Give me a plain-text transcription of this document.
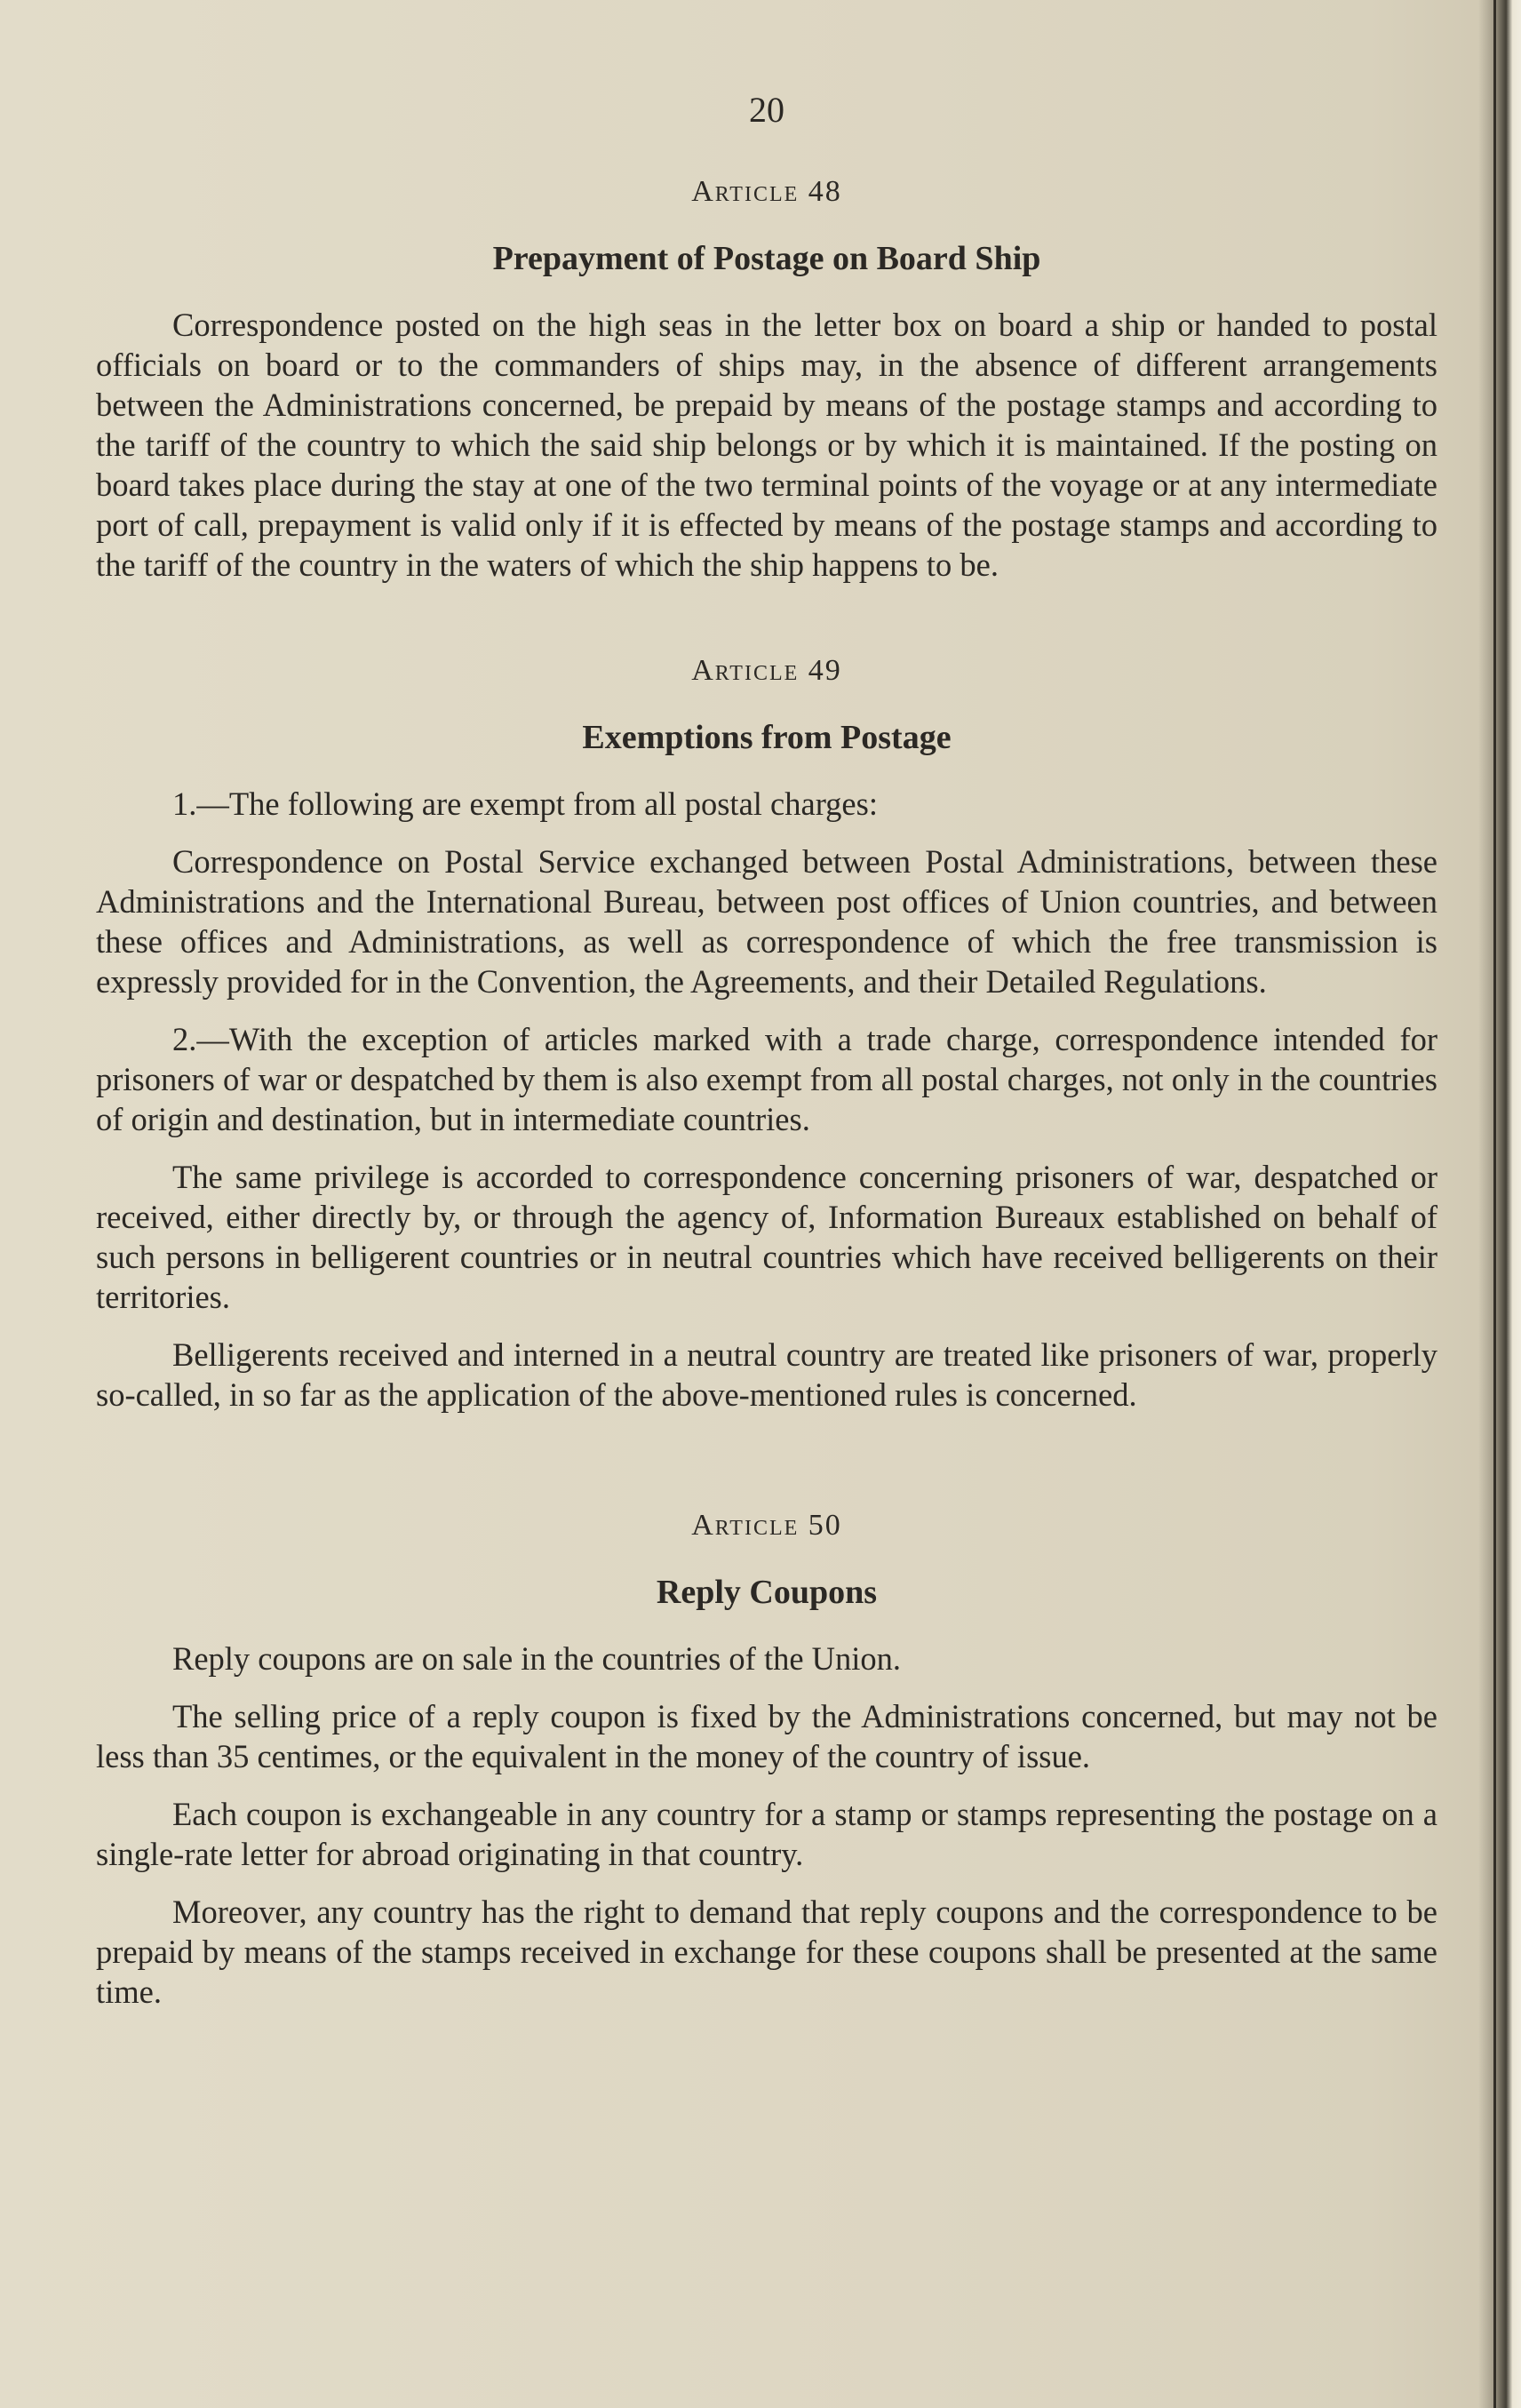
20
Article 48
Prepayment of Postage on Board Ship

Correspondence posted on the high seas in the letter box on board a ship or handed to postal officials on board or to the commanders of ships may, in the absence of different arrangements between the Administrations concerned, be prepaid by means of the postage stamps and according to the tariff of the country to which the said ship belongs or by which it is maintained. If the posting on board takes place during the stay at one of the two terminal points of the voyage or at any intermediate port of call, prepayment is valid only if it is effected by means of the postage stamps and according to the tariff of the country in the waters of which the ship happens to be.

Article 49
Exemptions from Postage

1.—The following are exempt from all postal charges:

Correspondence on Postal Service exchanged between Postal Administrations, between these Administrations and the International Bureau, between post offices of Union countries, and between these offices and Administrations, as well as correspondence of which the free transmission is expressly provided for in the Convention, the Agreements, and their Detailed Regulations.

2.—With the exception of articles marked with a trade charge, correspondence intended for prisoners of war or despatched by them is also exempt from all postal charges, not only in the countries of origin and destination, but in intermediate countries.

The same privilege is accorded to correspondence concerning prisoners of war, despatched or received, either directly by, or through the agency of, Information Bureaux established on behalf of such persons in belligerent countries or in neutral countries which have received belligerents on their territories.

Belligerents received and interned in a neutral country are treated like prisoners of war, properly so-called, in so far as the application of the above-mentioned rules is concerned.

Article 50
Reply Coupons

Reply coupons are on sale in the countries of the Union.

The selling price of a reply coupon is fixed by the Administrations concerned, but may not be less than 35 centimes, or the equivalent in the money of the country of issue.

Each coupon is exchangeable in any country for a stamp or stamps representing the postage on a single-rate letter for abroad originating in that country.

Moreover, any country has the right to demand that reply coupons and the correspondence to be prepaid by means of the stamps received in exchange for these coupons shall be presented at the same time.
